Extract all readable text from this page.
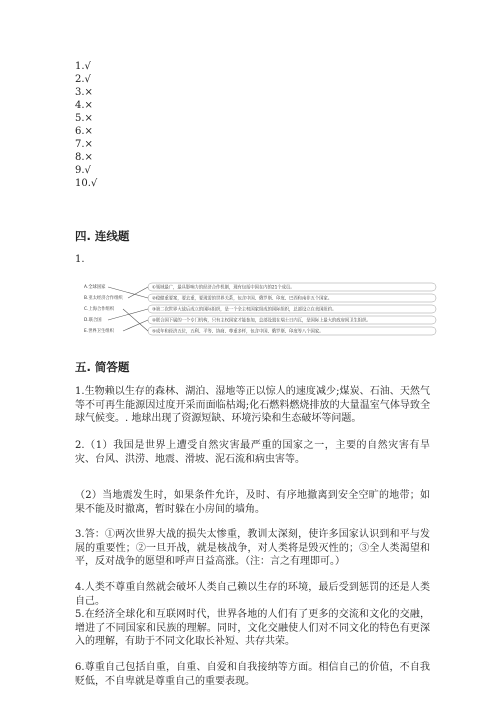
1.√
2.√
3.×
4.×
5.×
6.×
7.×
8.×
9.√
10.√
四. 连线题
1.
A.全球国家
B.亚太经济合作组织
C.上海合作组织
D.联合国
E.世界卫生组织
①领域最广，最具影响力的经济合作机制，现有包括中国在内的21个成员。
②稳健重要案，要去重，要现需的世界关系，包含中国、俄罗斯、印度、巴西和南非五个国家。
③第二次世界大战后成立的国际组织，是一个全主权国家组成的国际组织，总部设立在美国纽约。
④联合国下属的一个专门机构，只有主权国家才能参加，总部设置在瑞士日内瓦，是国际上最大的政府间卫生组织。
⑤成年和经济五位，五利、平等、协商、尊重多样，包含中国、俄罗斯、印度等八个国家。
五. 简答题
1.生物赖以生存的森林、湖泊、湿地等正以惊人的速度减少;煤炭、石油、天然气等不可再生能源因过度开采而面临枯竭;化石燃料燃烧排放的大量温室气体导致全球气候变。. 地球出现了资源短缺、环境污染和生态破坏等问题。
2.（1）我国是世界上遭受自然灾害最严重的国家之一，主要的自然灾害有旱灾、台风、洪涝、地震、滑坡、泥石流和病虫害等。
（2）当地震发生时，如果条件允许，及时、有序地撤离到安全空旷的地带；如果不能及时撤离，暂时躲在小房间的墙角。
3.答：①两次世界大战的损失太惨重，教训太深刻，使许多国家认识到和平与发展的重要性；②一旦开战，就是核战争，对人类将是毁灭性的；③全人类渴望和平，反对战争的愿望和呼声日益高涨。（注：言之有理即可。）
4.人类不尊重自然就会破坏人类自己赖以生存的环境，最后受到惩罚的还是人类自己。
5.在经济全球化和互联网时代，世界各地的人们有了更多的交流和文化的交融，增进了不同国家和民族的理解。同时，文化交融使人们对不同文化的特色有更深入的理解，有助于不同文化取长补短、共存共荣。
6.尊重自己包括自重，自重、自爱和自我接纳等方面。相信自己的价值，不自我贬低，不自卑就是尊重自己的重要表现。
